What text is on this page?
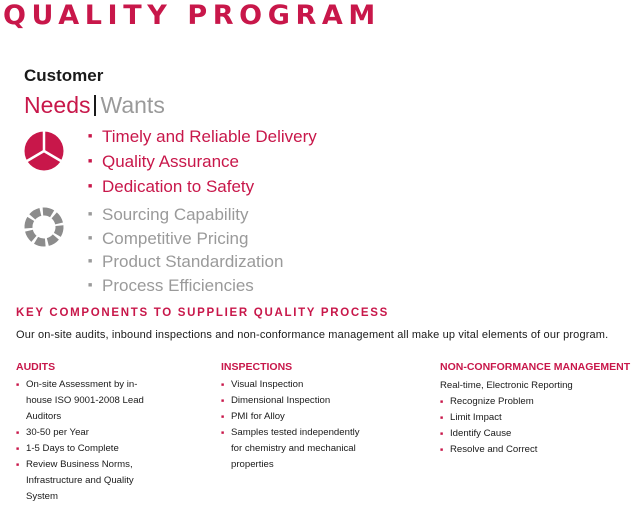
QUALITY PROGRAM
Customer
Needs Wants
■ Timely and Reliable Delivery
■ Quality Assurance
■ Dedication to Safety
■ Sourcing Capability
■ Competitive Pricing
■ Product Standardization
■ Process Efficiencies
KEY COMPONENTS TO SUPPLIER QUALITY PROCESS
Our on-site audits, inbound inspections and non-conformance management all make up vital elements of our program.
AUDITS
■ On-site Assessment by in-house ISO 9001-2008 Lead Auditors
■ 30-50 per Year
■ 1-5 Days to Complete
■ Review Business Norms, Infrastructure and Quality System
INSPECTIONS
■ Visual Inspection
■ Dimensional Inspection
■ PMI for Alloy
■ Samples tested independently for chemistry and mechanical properties
NON-CONFORMANCE MANAGEMENT
Real-time, Electronic Reporting
■ Recognize Problem
■ Limit Impact
■ Identify Cause
■ Resolve and Correct
